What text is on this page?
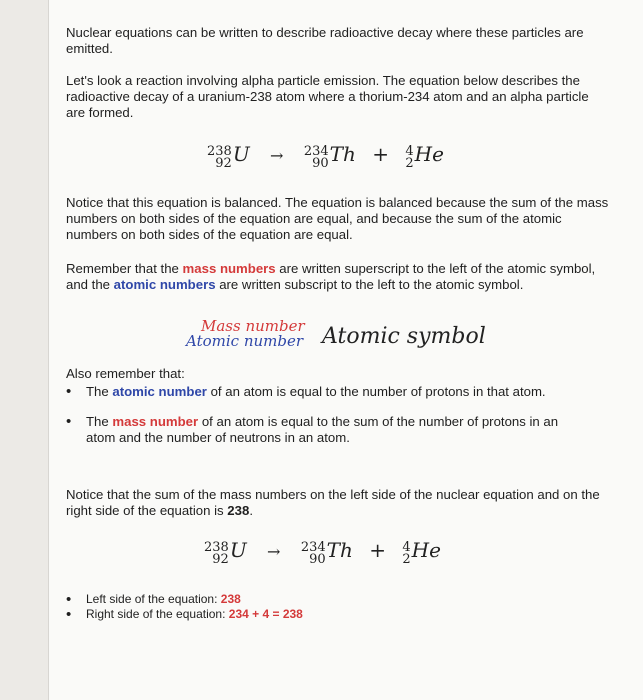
Nuclear equations can be written to describe radioactive decay where these particles are emitted.

Let's look a reaction involving alpha particle emission. The equation below describes the radioactive decay of a uranium-238 atom where a thorium-234 atom and an alpha particle are formed.

238
92 U → 234
90 Th + 4
2 He

Notice that this equation is balanced. The equation is balanced because the sum of the mass numbers on both sides of the equation are equal, and because the sum of the atomic numbers on both sides of the equation are equal.

Remember that the mass numbers are written superscript to the left of the atomic symbol, and the atomic numbers are written subscript to the left to the atomic symbol.

Mass number
Atomic number Atomic symbol

Also remember that:

• The atomic number of an atom is equal to the number of protons in that atom.
• The mass number of an atom is equal to the sum of the number of protons in an atom and the number of neutrons in an atom.

Notice that the sum of the mass numbers on the left side of the nuclear equation and on the right side of the equation is 238.

238
92 U → 234
90 Th + 4
2 He
• Left side of the equation: 238
• Right side of the equation: 234 + 4 = 238
